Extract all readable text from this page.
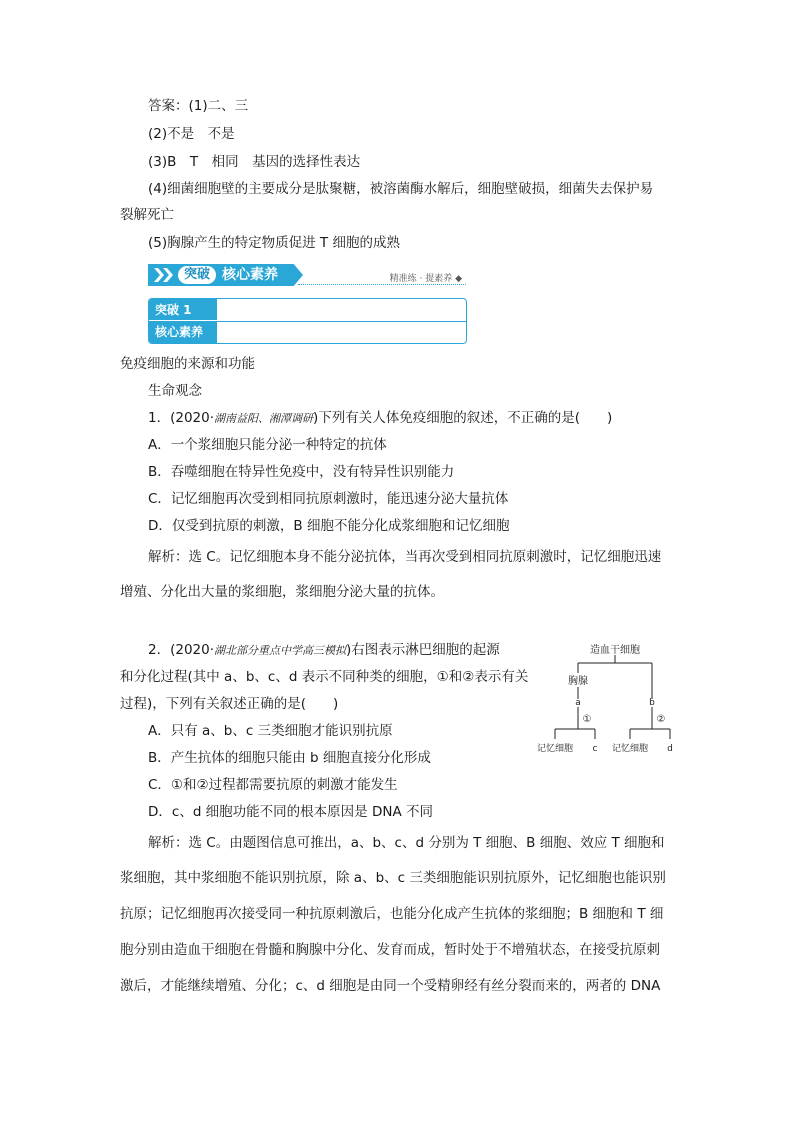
答案：(1)二、三
(2)不是　不是
(3)B　T　相同　基因的选择性表达
(4)细菌细胞壁的主要成分是肽聚糖，被溶菌酶水解后，细胞壁破损，细菌失去保护易
裂解死亡
(5)胸腺产生的特定物质促进 T 细胞的成熟
突破 核心素养	精准练 · 提素养 ◆
突破 1
核心素养
免疫细胞的来源和功能
生命观念
1．(2020·湖南益阳、湘潭调研)下列有关人体免疫细胞的叙述，不正确的是(　　)
A．一个浆细胞只能分泌一种特定的抗体
B．吞噬细胞在特异性免疫中，没有特异性识别能力
C．记忆细胞再次受到相同抗原刺激时，能迅速分泌大量抗体
D．仅受到抗原的刺激，B 细胞不能分化成浆细胞和记忆细胞
解析：选 C。记忆细胞本身不能分泌抗体，当再次受到相同抗原刺激时，记忆细胞迅速
增殖、分化出大量的浆细胞，浆细胞分泌大量的抗体。
2．(2020·湖北部分重点中学高三模拟)右图表示淋巴细胞的起源
和分化过程(其中 a、b、c、d 表示不同种类的细胞，①和②表示有关
过程)，下列有关叙述正确的是(　　)
A．只有 a、b、c 三类细胞才能识别抗原
B．产生抗体的细胞只能由 b 细胞直接分化形成
C．①和②过程都需要抗原的刺激才能发生
D．c、d 细胞功能不同的根本原因是 DNA 不同
造血干细胞
胸腺
a	b
①	②
记忆细胞 c 记忆细胞 d
解析：选 C。由题图信息可推出，a、b、c、d 分别为 T 细胞、B 细胞、效应 T 细胞和
浆细胞，其中浆细胞不能识别抗原，除 a、b、c 三类细胞能识别抗原外，记忆细胞也能识别
抗原；记忆细胞再次接受同一种抗原刺激后，也能分化成产生抗体的浆细胞；B 细胞和 T 细
胞分别由造血干细胞在骨髓和胸腺中分化、发育而成，暂时处于不增殖状态，在接受抗原刺
激后，才能继续增殖、分化；c、d 细胞是由同一个受精卵经有丝分裂而来的，两者的 DNA
